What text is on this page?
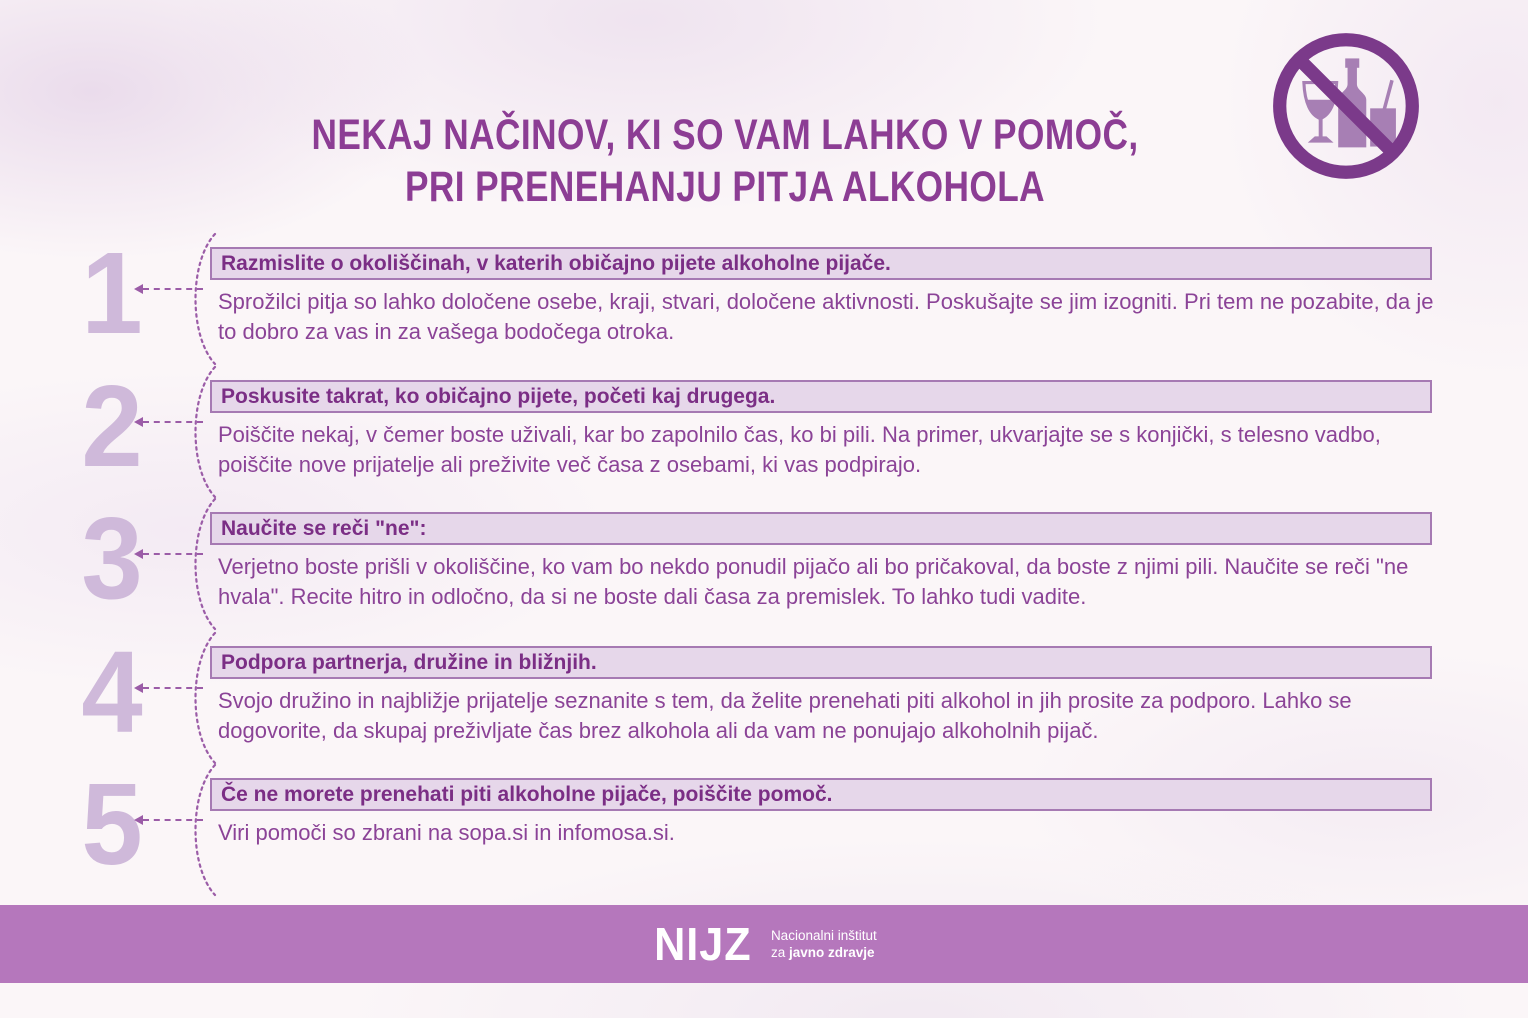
NEKAJ NAČINOV, KI SO VAM LAHKO V POMOČ,
PRI PRENEHANJU PITJA ALKOHOLA
1	Razmislite o okoliščinah, v katerih običajno pijete alkoholne pijače.

Sprožilci pitja so lahko določene osebe, kraji, stvari, določene aktivnosti. Poskušajte se jim izogniti. Pri tem ne pozabite, da je to dobro za vas in za vašega bodočega otroka.

2	Poskusite takrat, ko običajno pijete, početi kaj drugega.

Poiščite nekaj, v čemer boste uživali, kar bo zapolnilo čas, ko bi pili. Na primer, ukvarjajte se s konjički, s telesno vadbo, poiščite nove prijatelje ali preživite več časa z osebami, ki vas podpirajo.

3	Naučite se reči "ne":

Verjetno boste prišli v okoliščine, ko vam bo nekdo ponudil pijačo ali bo pričakoval, da boste z njimi pili. Naučite se reči "ne hvala". Recite hitro in odločno, da si ne boste dali časa za premislek. To lahko tudi vadite.

4	Podpora partnerja, družine in bližnjih.

Svojo družino in najbližje prijatelje seznanite s tem, da želite prenehati piti alkohol in jih prosite za podporo. Lahko se dogovorite, da skupaj preživljate čas brez alkohola ali da vam ne ponujajo alkoholnih pijač.

5	Če ne morete prenehati piti alkoholne pijače, poiščite pomoč.

Viri pomoči so zbrani na sopa.si in infomosa.si.

NIJZ Nacionalni inštitut
za javno zdravje
